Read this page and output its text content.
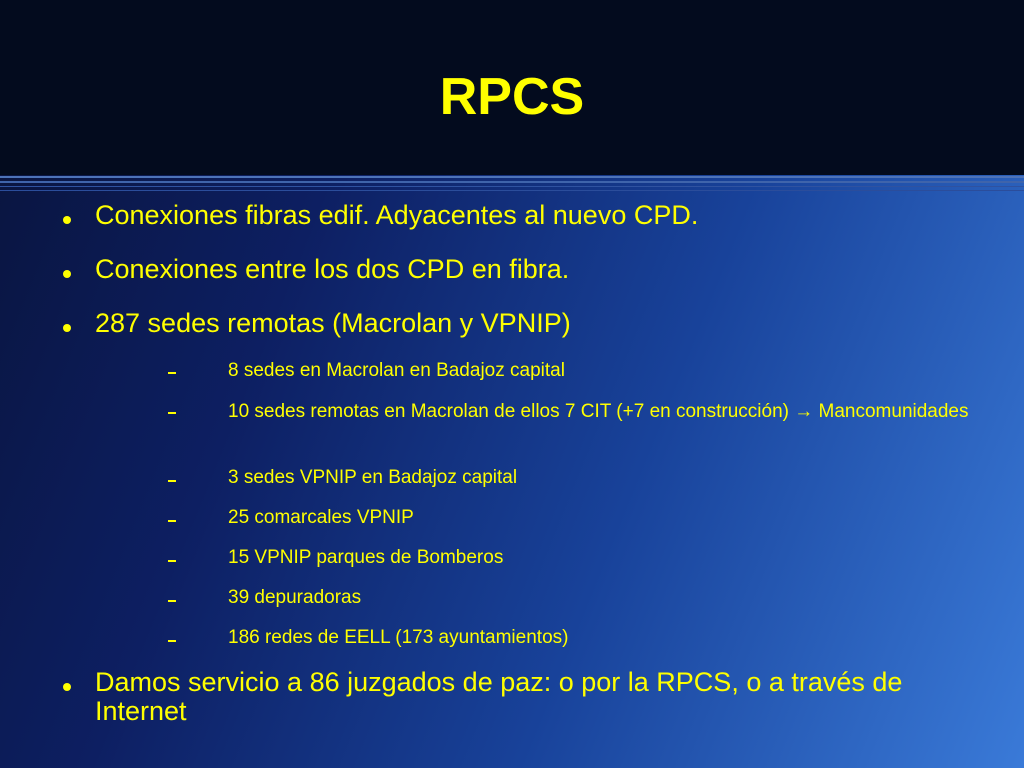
RPCS
Conexiones fibras edif. Adyacentes al nuevo CPD.
Conexiones entre los dos CPD en fibra.
287 sedes remotas (Macrolan y VPNIP)
8 sedes en Macrolan en Badajoz capital
10 sedes remotas en Macrolan de ellos 7 CIT (+7 en construcción) → Mancomunidades
3 sedes VPNIP en Badajoz capital
25 comarcales VPNIP
15 VPNIP parques de Bomberos
39 depuradoras
186 redes de EELL (173 ayuntamientos)
Damos servicio a 86 juzgados de paz: o por la RPCS, o a través de Internet
